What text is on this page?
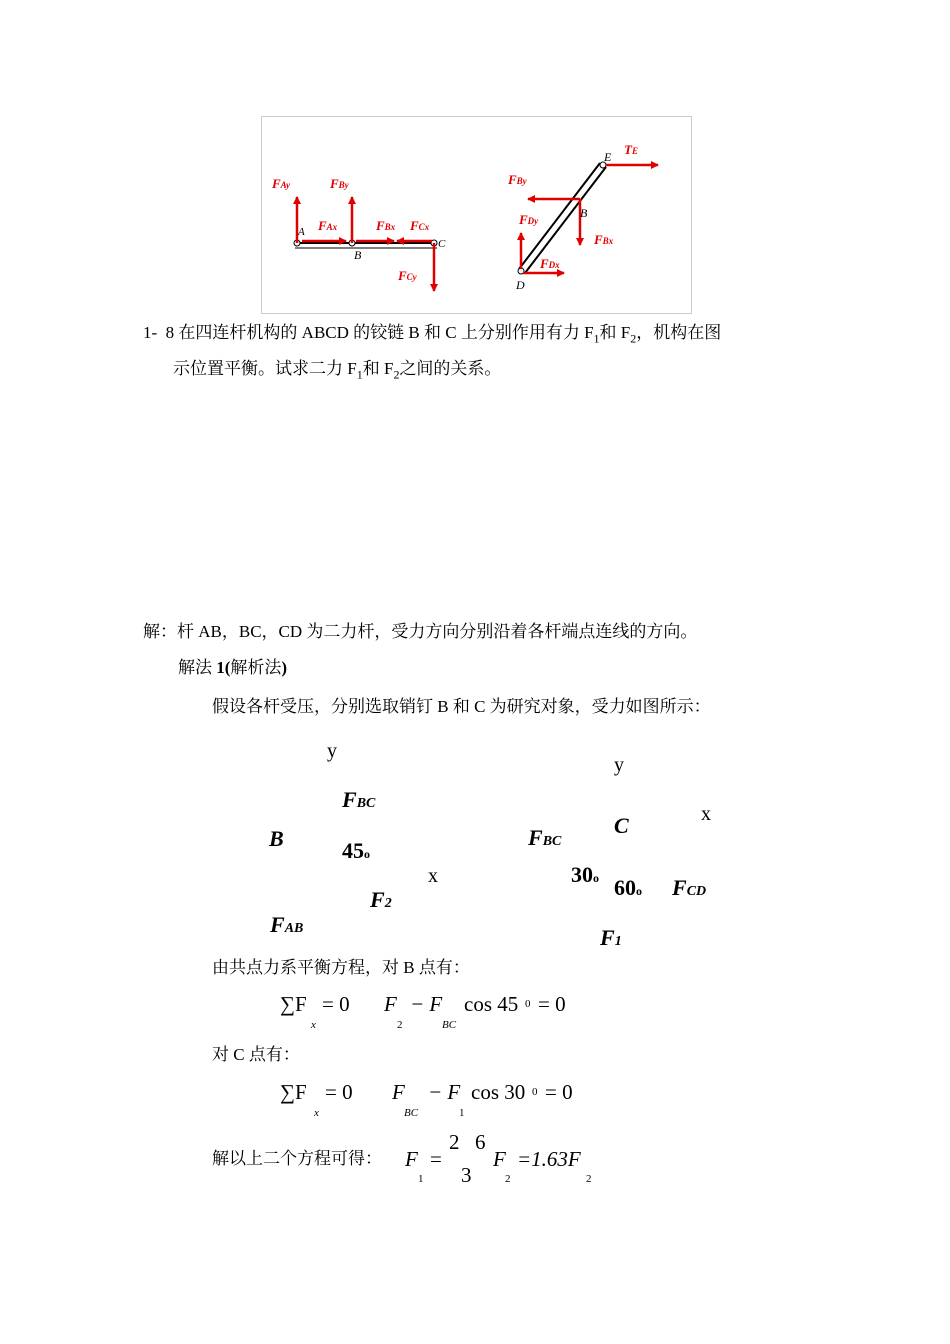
FAy	FBy
FAx	FBx FCx
FCy
A
B
C
TE
FBy
FDy
FBx
FDx
E
B
D
1- 8 在四连杆机构的 ABCD 的铰链 B 和 C 上分别作用有力 $F_1$和 $F_2$，机构在图
示位置平衡。试求二力 $F_1$和 $F_2$之间的关系。
解：杆 AB，BC，CD 为二力杆，受力方向分别沿着各杆端点连线的方向。
解法 1(解析法)
假设各杆受压，分别选取销钉 B 和 C 为研究对象，受力如图所示：
y
FBC
B	45o
x
F2
FAB
y
x
C
FBC
30o 60o FCD
F1
由共点力系平衡方程，对 B 点有：
∑F
x
= 0 F
2
− F
BC
cos 45 0 = 0
对 C 点有：
∑F
x
= 0 F
BC
− F
1
cos 30 0 = 0
解以上二个方程可得： F
1
=
2 6
3
F
2
=1.63F
2
